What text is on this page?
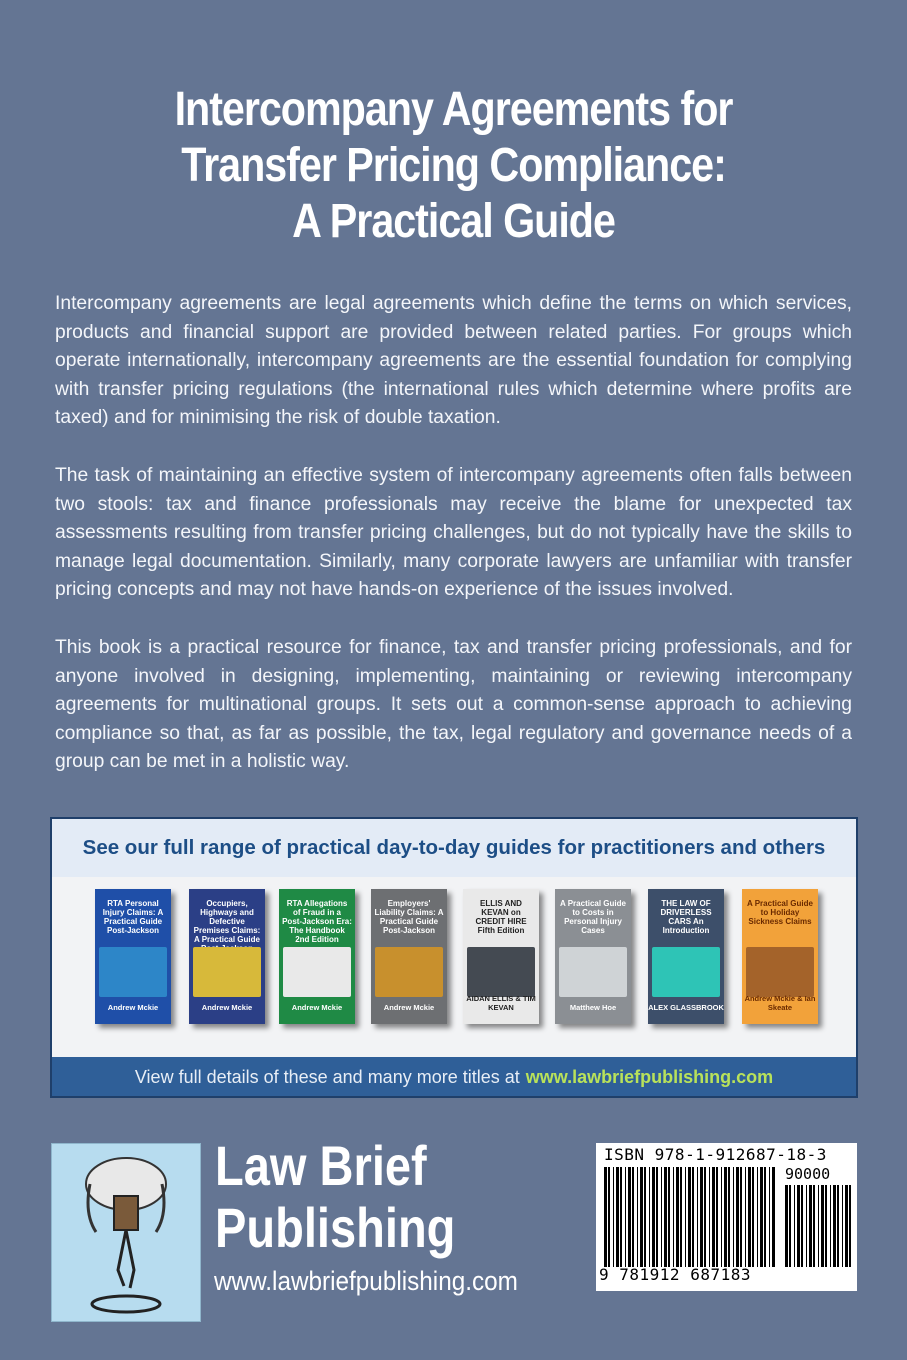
Intercompany Agreements for
Transfer Pricing Compliance:
A Practical Guide

Intercompany agreements are legal agreements which define the terms on which services, products and financial support are provided between related parties. For groups which operate internationally, intercompany agreements are the essential foundation for complying with transfer pricing regulations (the international rules which determine where profits are taxed) and for minimising the risk of double taxation.

The task of maintaining an effective system of intercompany agreements often falls between two stools: tax and finance professionals may receive the blame for unexpected tax assessments resulting from transfer pricing challenges, but do not typically have the skills to manage legal documentation. Similarly, many corporate lawyers are unfamiliar with transfer pricing concepts and may not have hands-on experience of the issues involved.

This book is a practical resource for finance, tax and transfer pricing professionals, and for anyone involved in designing, implementing, maintaining or reviewing intercompany agreements for multinational groups. It sets out a common-sense approach to achieving compliance so that, as far as possible, the tax, legal regulatory and governance needs of a group can be met in a holistic way.

See our full range of practical day-to-day guides for practitioners and others
RTA Personal Injury Claims: A Practical Guide Post-Jackson
Andrew Mckie
Occupiers, Highways and Defective Premises Claims: A Practical Guide
Andrew Mckie
RTA Allegations of Fraud in a Post-Jackson Era: The Handbook 2nd Edition
Andrew Mckie
Employers' Liability Claims: A Practical Guide Post-Jackson
Andrew Mckie
ELLIS AND KEVAN on CREDIT HIRE Fifth Edition
AIDAN ELLIS & TIM KEVAN
A Practical Guide to Costs in Personal Injury Cases
Matthew Hoe
THE LAW OF DRIVERLESS CARS An Introduction
ALEX GLASSBROOK
A Practical Guide to Holiday Sickness Claims
Andrew Mckie & Ian Skeate
View full details of these and many more titles at www.lawbriefpublishing.com
Law Brief
Publishing
www.lawbriefpublishing.com
ISBN 978-1-912687-18-3
90000
9 781912 687183
